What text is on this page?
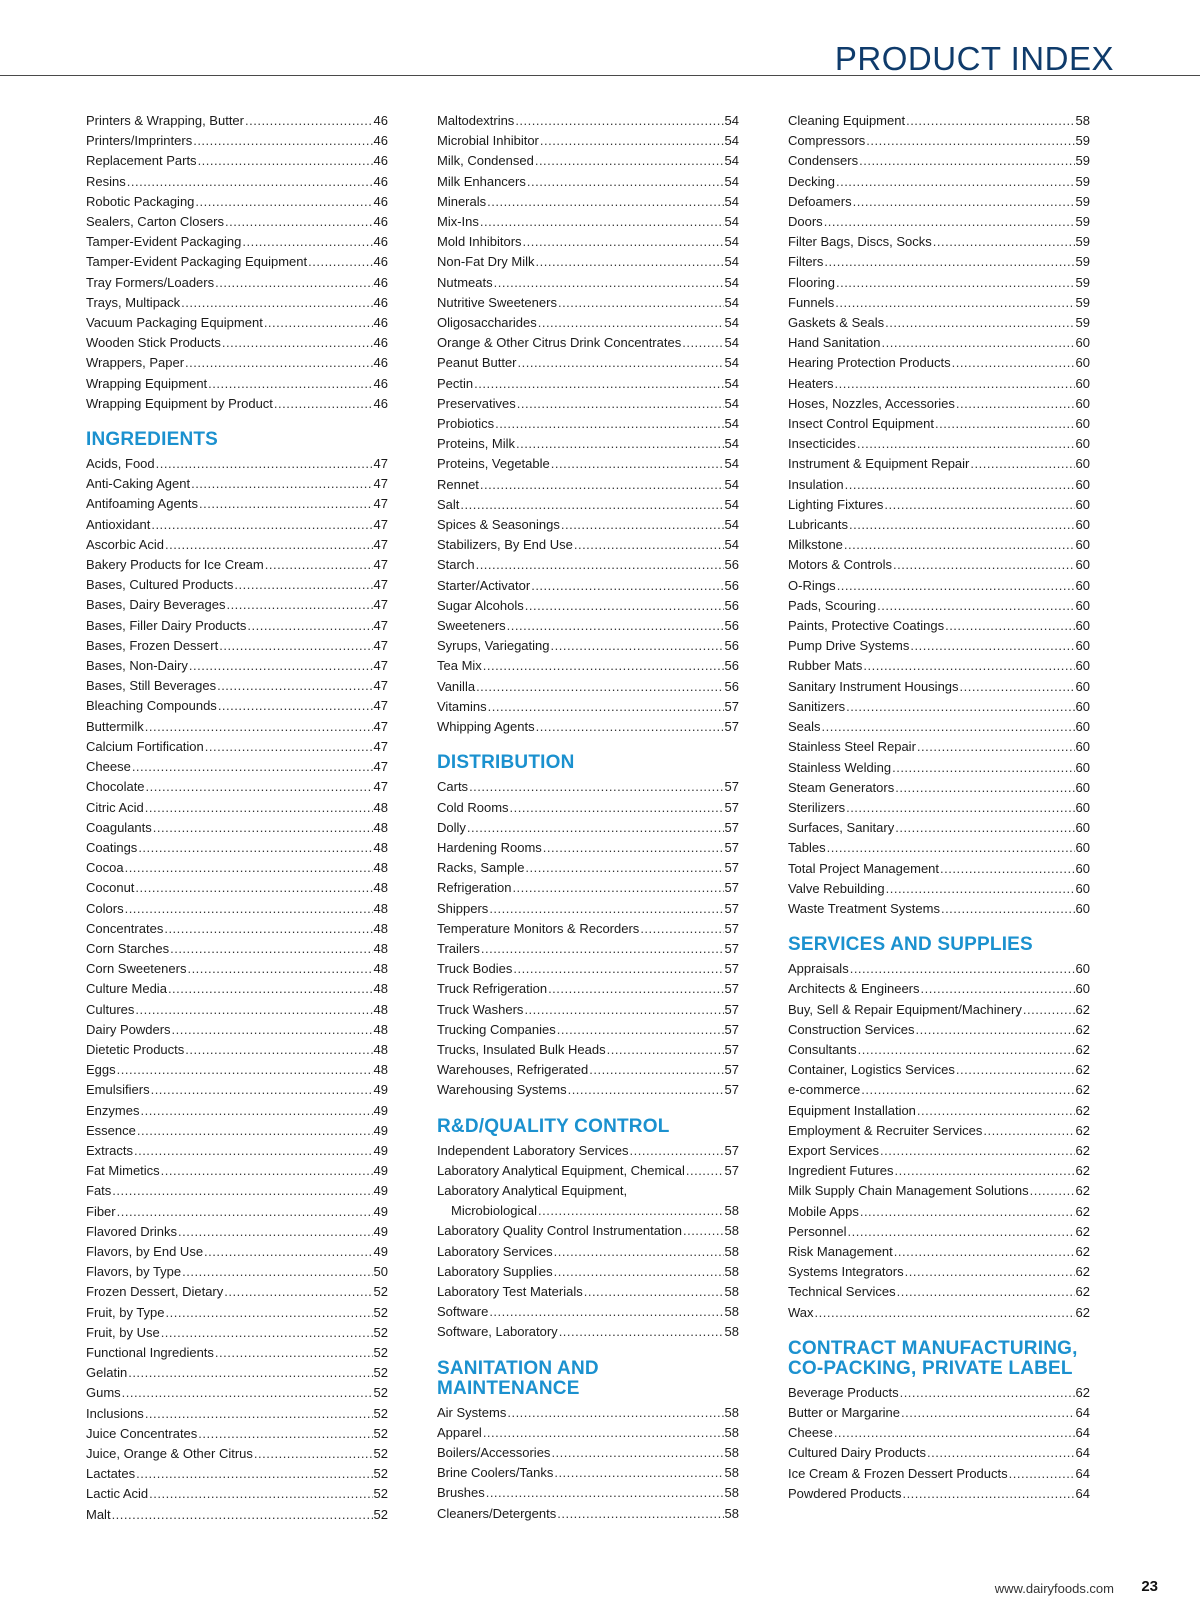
PRODUCT INDEX
Printers & Wrapping, Butter .....	46
Printers/Imprinters .....	46
Replacement Parts .....	46
Resins .....	46
Robotic Packaging .....	46
Sealers, Carton Closers .....	46
Tamper-Evident Packaging .....	46
Tamper-Evident Packaging Equipment .....	46
Tray Formers/Loaders .....	46
Trays, Multipack .....	46
Vacuum Packaging Equipment .....	46
Wooden Stick Products .....	46
Wrappers, Paper .....	46
Wrapping Equipment .....	46
Wrapping Equipment by Product .....	46
INGREDIENTS
Acids, Food .....	47
Anti-Caking Agent .....	47
Antifoaming Agents .....	47
Antioxidant .....	47
Ascorbic Acid .....	47
Bakery Products for Ice Cream .....	47
Bases, Cultured Products .....	47
Bases, Dairy Beverages .....	47
Bases, Filler Dairy Products .....	47
Bases, Frozen Dessert .....	47
Bases, Non-Dairy .....	47
Bases, Still Beverages .....	47
Bleaching Compounds .....	47
Buttermilk .....	47
Calcium Fortification .....	47
Cheese .....	47
Chocolate .....	47
Citric Acid .....	48
Coagulants .....	48
Coatings .....	48
Cocoa .....	48
Coconut .....	48
Colors .....	48
Concentrates .....	48
Corn Starches .....	48
Corn Sweeteners .....	48
Culture Media .....	48
Cultures .....	48
Dairy Powders .....	48
Dietetic Products .....	48
Eggs .....	48
Emulsifiers .....	49
Enzymes .....	49
Essence .....	49
Extracts .....	49
Fat Mimetics .....	49
Fats .....	49
Fiber .....	49
Flavored Drinks .....	49
Flavors, by End Use .....	49
Flavors, by Type .....	50
Frozen Dessert, Dietary .....	52
Fruit, by Type .....	52
Fruit, by Use .....	52
Functional Ingredients .....	52
Gelatin .....	52
Gums .....	52
Inclusions .....	52
Juice Concentrates .....	52
Juice, Orange & Other Citrus .....	52
Lactates .....	52
Lactic Acid .....	52
Malt .....	52
Maltodextrins .....	54
Microbial Inhibitor .....	54
Milk, Condensed .....	54
Milk Enhancers .....	54
Minerals .....	54
Mix-Ins .....	54
Mold Inhibitors .....	54
Non-Fat Dry Milk .....	54
Nutmeats .....	54
Nutritive Sweeteners .....	54
Oligosaccharides .....	54
Orange & Other Citrus Drink Concentrates .....	54
Peanut Butter .....	54
Pectin .....	54
Preservatives .....	54
Probiotics .....	54
Proteins, Milk .....	54
Proteins, Vegetable .....	54
Rennet .....	54
Salt .....	54
Spices & Seasonings .....	54
Stabilizers, By End Use .....	54
Starch .....	56
Starter/Activator .....	56
Sugar Alcohols .....	56
Sweeteners .....	56
Syrups, Variegating .....	56
Tea Mix .....	56
Vanilla .....	56
Vitamins .....	57
Whipping Agents .....	57
DISTRIBUTION
Carts .....	57
Cold Rooms .....	57
Dolly .....	57
Hardening Rooms .....	57
Racks, Sample .....	57
Refrigeration .....	57
Shippers .....	57
Temperature Monitors & Recorders .....	57
Trailers .....	57
Truck Bodies .....	57
Truck Refrigeration .....	57
Truck Washers .....	57
Trucking Companies .....	57
Trucks, Insulated Bulk Heads .....	57
Warehouses, Refrigerated .....	57
Warehousing Systems .....	57
R&D/QUALITY CONTROL
Independent Laboratory Services .....	57
Laboratory Analytical Equipment, Chemical .....	57
Laboratory Analytical Equipment,
Microbiological .....	58
Laboratory Quality Control Instrumentation .....	58
Laboratory Services .....	58
Laboratory Supplies .....	58
Laboratory Test Materials .....	58
Software .....	58
Software, Laboratory .....	58
SANITATION AND MAINTENANCE
Air Systems .....	58
Apparel .....	58
Boilers/Accessories .....	58
Brine Coolers/Tanks .....	58
Brushes .....	58
Cleaners/Detergents .....	58
Cleaning Equipment .....	58
Compressors .....	59
Condensers .....	59
Decking .....	59
Defoamers .....	59
Doors .....	59
Filter Bags, Discs, Socks .....	59
Filters .....	59
Flooring .....	59
Funnels .....	59
Gaskets & Seals .....	59
Hand Sanitation .....	60
Hearing Protection Products .....	60
Heaters .....	60
Hoses, Nozzles, Accessories .....	60
Insect Control Equipment .....	60
Insecticides .....	60
Instrument & Equipment Repair .....	60
Insulation .....	60
Lighting Fixtures .....	60
Lubricants .....	60
Milkstone .....	60
Motors & Controls .....	60
O-Rings .....	60
Pads, Scouring .....	60
Paints, Protective Coatings .....	60
Pump Drive Systems .....	60
Rubber Mats .....	60
Sanitary Instrument Housings .....	60
Sanitizers .....	60
Seals .....	60
Stainless Steel Repair .....	60
Stainless Welding .....	60
Steam Generators .....	60
Sterilizers .....	60
Surfaces, Sanitary .....	60
Tables .....	60
Total Project Management .....	60
Valve Rebuilding .....	60
Waste Treatment Systems .....	60
SERVICES AND SUPPLIES
Appraisals .....	60
Architects & Engineers .....	60
Buy, Sell & Repair Equipment/Machinery .....	62
Construction Services .....	62
Consultants .....	62
Container, Logistics Services .....	62
e-commerce .....	62
Equipment Installation .....	62
Employment & Recruiter Services .....	62
Export Services .....	62
Ingredient Futures .....	62
Milk Supply Chain Management Solutions .....	62
Mobile Apps .....	62
Personnel .....	62
Risk Management .....	62
Systems Integrators .....	62
Technical Services .....	62
Wax .....	62
CONTRACT MANUFACTURING, CO-PACKING, PRIVATE LABEL
Beverage Products .....	62
Butter or Margarine .....	64
Cheese .....	64
Cultured Dairy Products .....	64
Ice Cream & Frozen Dessert Products .....	64
Powdered Products .....	64
www.dairyfoods.com 23
